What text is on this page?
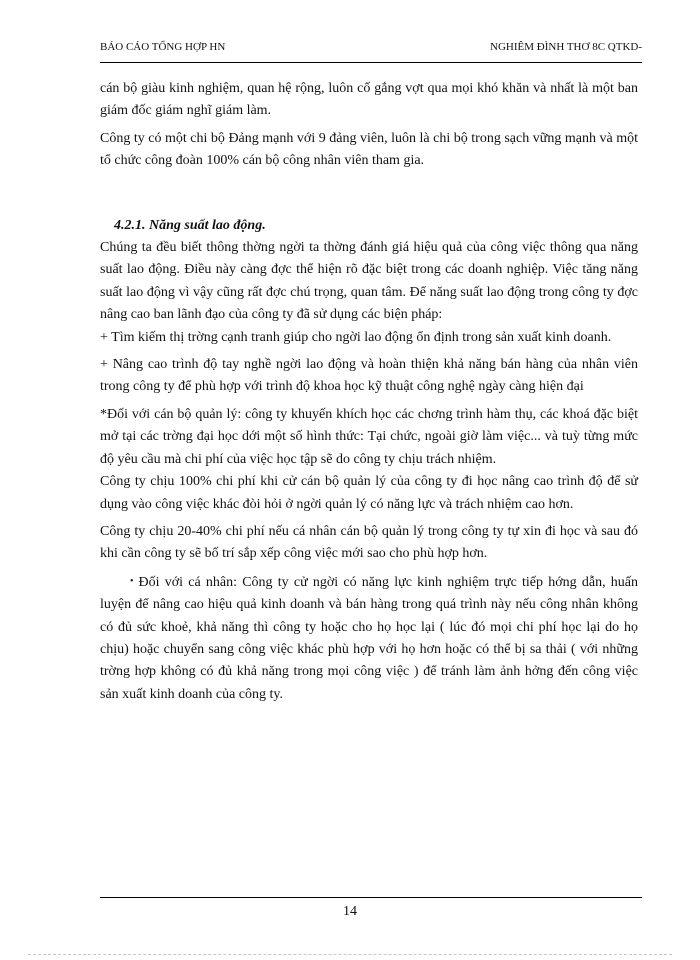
BÁO CÁO TỔNG HỢP HN	NGHIÊM ĐÌNH THƠ 8C QTKD-

cán bộ giàu kinh nghiệm, quan hệ rộng, luôn cố gắng vợt qua mọi khó khăn và nhất là một ban giám đốc giám nghĩ giám làm.

Công ty có một chi bộ Đảng mạnh với 9 đảng viên, luôn là chi bộ trong sạch vững mạnh và một tổ chức công đoàn 100% cán bộ công nhân viên tham gia.

4.2.1. Năng suất lao động.

Chúng ta đều biết thông thờng ngời ta thờng đánh giá hiệu quả của công việc thông qua năng suất lao động. Điều này càng đợc thể hiện rõ đặc biệt trong các doanh nghiệp. Việc tăng năng suất lao động vì vậy cũng rất đợc chú trọng, quan tâm. Để năng suất lao động trong công ty đợc nâng cao ban lãnh đạo của công ty đã sử dụng các biện pháp:

+ Tìm kiếm thị trờng cạnh tranh giúp cho ngời lao động ổn định trong sản xuất kinh doanh.

+ Nâng cao trình độ tay nghề ngời lao động và hoàn thiện khả năng bán hàng của nhân viên trong công ty để phù hợp với trình độ khoa học kỹ thuật công nghệ ngày càng hiện đại

*Đối với cán bộ quản lý: công ty khuyến khích học các chơng trình hàm thụ, các khoá đặc biệt mở tại các trờng đại học dới một số hình thức: Tại chức, ngoài giờ làm việc... và tuỳ từng mức độ yêu cầu mà chi phí của việc học tập sẽ do công ty chịu trách nhiệm.

Công ty chịu 100% chi phí khi cử cán bộ quản lý của công ty đi học nâng cao trình độ để sử dụng vào công việc khác đòi hỏi ở ngời quản lý có năng lực và trách nhiệm cao hơn.

Công ty chịu 20-40% chi phí nếu cá nhân cán bộ quản lý trong công ty tự xin đi học và sau đó khi cần công ty sẽ bố trí sắp xếp công việc mới sao cho phù hợp hơn.

• Đối với cá nhân: Công ty cử ngời có năng lực kinh nghiệm trực tiếp hớng dẫn, huấn luyện để nâng cao hiệu quả kinh doanh và bán hàng trong quá trình này nếu công nhân không có đủ sức khoẻ, khả năng thì công ty hoặc cho họ học lại ( lúc đó mọi chi phí học lại do họ chịu) hoặc chuyển sang công việc khác phù hợp với họ hơn hoặc có thể bị sa thải ( với những trờng hợp không có đủ khả năng trong mọi công việc ) để tránh làm ảnh hởng đến công việc sản xuất kinh doanh của công ty.

14
